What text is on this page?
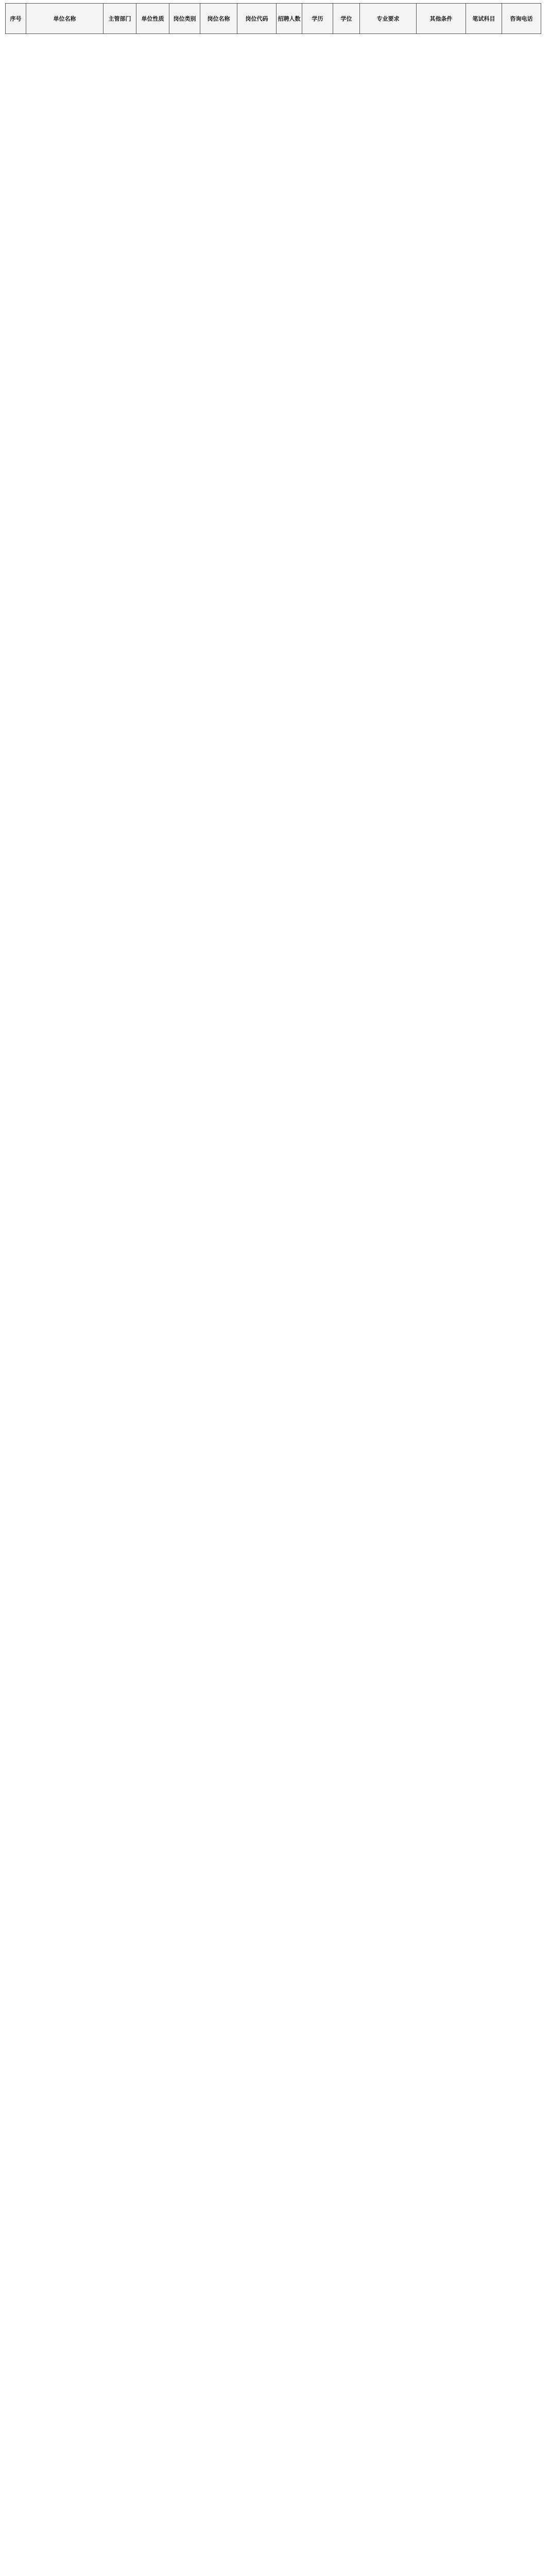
序号	单位名称	主管部门	单位性质	岗位类别	岗位名称	岗位代码	招聘人数	学历	学位	专业要求	其他条件	笔试科目	咨询电话
